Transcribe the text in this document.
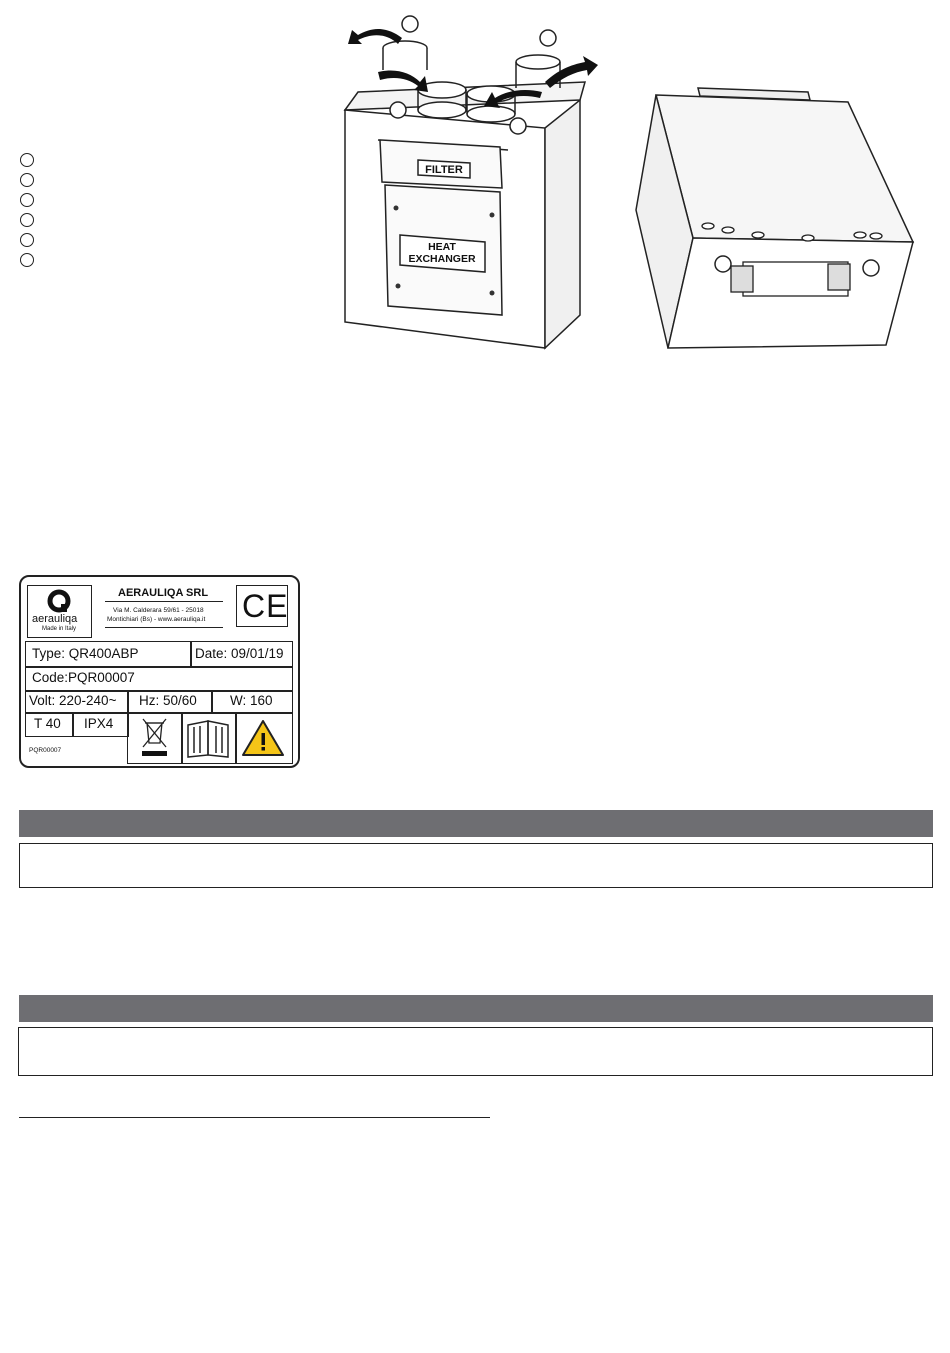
FILTER
HEAT
EXCHANGER
aerauliqa
Made in Italy
AERAULIQA SRL
Via M. Calderara 59/61 - 25018
Montichiari (Bs) - www.aerauliqa.it CE
Type: QR400ABP	Date: 09/01/19
Code:PQR00007
Volt: 220-240~ Hz: 50/60 W: 160
T 40 IPX4
PQR00007
